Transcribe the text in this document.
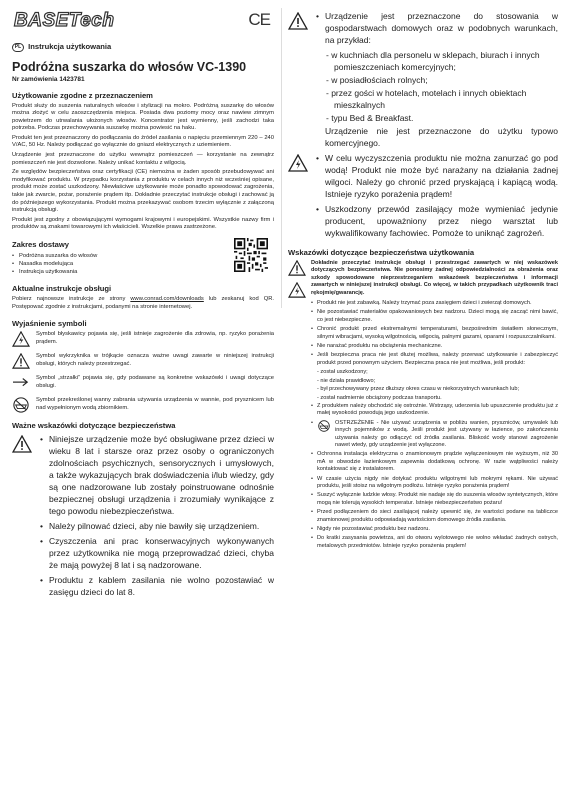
BASETech	CE
PL Instrukcja użytkowania
Podróżna suszarka do włosów VC-1390
Nr zamówienia 1423781
Użytkowanie zgodne z przeznaczeniem

Produkt służy do suszenia naturalnych włosów i stylizacji na mokro. Podróżną suszarkę do włosów można złożyć w celu zaoszczędzenia miejsca. Posiada dwa poziomy mocy oraz nawiew zimnym powietrzem do utrwalania ułożonych włosów. Koncentrator jest wymienny, jeśli zachodzi taka potrzeba. Podczas przechowywania suszarkę można powiesić na haku.

Produkt ten jest przeznaczony do podłączania do źródeł zasilania o napięciu przemiennym 220 – 240 V/AC, 50 Hz. Należy podłączać go wyłącznie do gniazd elektrycznych z uziemieniem.

Urządzenie jest przeznaczone do użytku wewnątrz pomieszczeń — korzystanie na zewnątrz pomieszczeń nie jest dozwolone. Należy unikać kontaktu z wilgocią.

Ze względów bezpieczeństwa oraz certyfikacji (CE) niemożna w żaden sposób przebudowywać ani modyfikować produktu. W przypadku korzystania z produktu w celach innych niż wcześniej opisane, produkt może zostać uszkodzony. Niewłaściwe użytkowanie może ponadto spowodować zagrożenia, takie jak zwarcie, pożar, porażenie prądem itp. Dokładnie przeczytać instrukcje obsługi i zachować ją do późniejszego wykorzystania. Produkt można przekazywać osobom trzecim wyłącznie z załączoną instrukcją obsługi.

Produkt jest zgodny z obowiązującymi wymogami krajowymi i europejskimi. Wszystkie nazwy firm i produktów są znakami towarowymi ich właścicieli. Wszelkie prawa zastrzeżone.

Zakres dostawy
• Podróżna suszarka do włosów
• Nasadka modelująca
• Instrukcja użytkowania
Aktualne instrukcje obsługi

Pobierz najnowsze instrukcje ze strony www.conrad.com/downloads lub zeskanuj kod QR. Postępować zgodnie z instrukcjami, podanymi na stronie internetowej.

Wyjaśnienie symboli

Symbol błyskawicy pojawia się, jeśli istnieje zagrożenie dla zdrowia, np. ryzyko porażenia prądem.

Symbol wykrzyknika w trójkącie oznacza ważne uwagi zawarte w niniejszej instrukcji obsługi, których należy przestrzegać.

Symbol „strzałki” pojawia się, gdy podawane są konkretne wskazówki i uwagi dotyczące obsługi.

Symbol przekreślonej wanny zabrania używania urządzenia w wannie, pod prysznicem lub nad wypełnionym wodą zbiornikiem.

Ważne wskazówki dotyczące bezpieczeństwa
• Niniejsze urządzenie może być obsługiwane przez dzieci w wieku 8 lat i starsze oraz przez osoby o ograniczonych zdolnościach psychicznych, sensorycznych i umysłowych, a także wykazujących brak doświadczenia i/lub wiedzy, gdy są one nadzorowane lub zostały poinstruowane odnośnie bezpiecznej obsługi urządzenia i zrozumiały wynikające z tego powodu niebezpieczeństwa.
• Należy pilnować dzieci, aby nie bawiły się urządzeniem.
• Czyszczenia ani prac konserwacyjnych wykonywanych przez użytkownika nie mogą przeprowadzać dzieci, chyba że mają powyżej 8 lat i są nadzorowane.
• Produktu z kablem zasilania nie wolno pozostawiać w zasięgu dzieci do lat 8.
• Urządzenie jest przeznaczone do stosowania w gospodarstwach domowych oraz w podobnych warunkach, na przykład:
- w kuchniach dla personelu w sklepach, biurach i innych pomieszczeniach komercyjnych;
- w posiadłościach rolnych;
- przez gości w hotelach, motelach i innych obiektach mieszkalnych
- typu Bed & Breakfast.
Urządzenie nie jest przeznaczone do użytku typowo komercyjnego.
• W celu wyczyszczenia produktu nie można zanurzać go pod wodą! Produkt nie może być narażany na działania żadnej wilgoci. Należy go chronić przed pryskającą i kapiącą wodą. Istnieje ryzyko porażenia prądem!
• Uszkodzony przewód zasilający może wymieniać jedynie producent, upoważniony przez niego warsztat lub wykwalifikowany fachowiec. Pomoże to uniknąć zagrożeń.
Wskazówki dotyczące bezpieczeństwa użytkowania

Dokładnie przeczytać instrukcje obsługi i przestrzegać zawartych w niej wskazówek dotyczących bezpieczeństwa. Nie ponosimy żadnej odpowiedzialności za obrażenia oraz szkody spowodowane nieprzestrzeganiem wskazówek bezpieczeństwa i informacji zawartych w niniejszej instrukcji obsługi. Co więcej, w takich przypadkach użytkownik traci rękojmię/gwarancję.

• Produkt nie jest zabawką. Należy trzymać poza zasięgiem dzieci i zwierząt domowych.
• Nie pozostawiać materiałów opakowaniowych bez nadzoru. Dzieci mogą się zacząć nimi bawić, co jest niebezpieczne.
• Chronić produkt przed ekstremalnymi temperaturami, bezpośrednim światłem słonecznym, silnymi wibracjami, wysoką wilgotnością, wilgocią, palnymi gazami, oparami i rozpuszczalnikami.
• Nie narażać produktu na obciążenia mechaniczne.
• Jeśli bezpieczna praca nie jest dłużej możliwa, należy przerwać użytkowanie i zabezpieczyć produkt przed ponownym użyciem. Bezpieczna praca nie jest możliwa, jeśli produkt:
- został uszkodzony;
- nie działa prawidłowo;
- był przechowywany przez dłuższy okres czasu w niekorzystnych warunkach lub;
- został nadmiernie obciążony podczas transportu.
• Z produktem należy obchodzić się ostrożnie. Wstrząsy, uderzenia lub upuszczenie produktu już z małej wysokości powodują jego uszkodzenie.
• OSTRZEŻENIE - Nie używać urządzenia w pobliżu wanien, pryszniców, umywalek lub innych pojemników z wodą. Jeśli produkt jest używany w łazience, po zakończeniu używania należy go odłączyć od źródła zasilania. Bliskość wody stanowi zagrożenie nawet wtedy, gdy urządzenie jest wyłączone.
• Ochronna instalacja elektryczna o znamionowym prądzie wyłączeniowym nie wyższym, niż 30 mA w obwodzie łazienkowym zapewnia dodatkową ochronę. W razie wątpliwości należy kontaktować się z instalatorem.
• W czasie użycia nigdy nie dotykać produktu wilgotnymi lub mokrymi rękami. Nie używać produktu, jeśli stoisz na wilgotnym podłożu. Istnieje ryzyko porażenia prądem!
• Suszyć wyłącznie ludzkie włosy. Produkt nie nadaje się do suszenia włosów syntetycznych, które mogą nie tolerują wysokich temperatur. Istnieje niebezpieczeństwo pożaru!
• Przed podłączeniem do sieci zasilającej należy upewnić się, że wartości podane na tabliczce znamionowej produktu odpowiadają wartościom domowego źródła zasilania.
• Nigdy nie pozostawiać produktu bez nadzoru.
• Do kratki zasysania powietrza, ani do otworu wylotowego nie wolno wkładać żadnych ostrych, metalowych przedmiotów. Istnieje ryzyko porażenia prądem!
